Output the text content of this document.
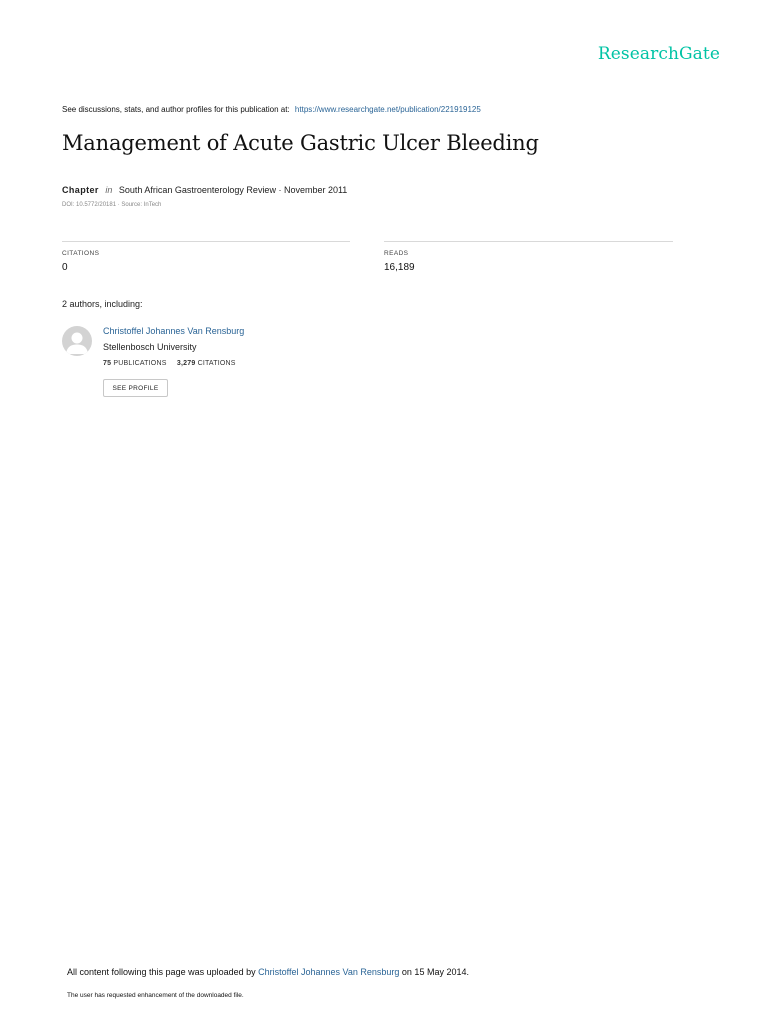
ResearchGate
See discussions, stats, and author profiles for this publication at: https://www.researchgate.net/publication/221919125
Management of Acute Gastric Ulcer Bleeding
Chapter in South African Gastroenterology Review · November 2011
DOI: 10.5772/20181 · Source: InTech
CITATIONS
0
READS
16,189
2 authors, including:
Christoffel Johannes Van Rensburg
Stellenbosch University
75 PUBLICATIONS 3,279 CITATIONS
SEE PROFILE
All content following this page was uploaded by Christoffel Johannes Van Rensburg on 15 May 2014.
The user has requested enhancement of the downloaded file.
